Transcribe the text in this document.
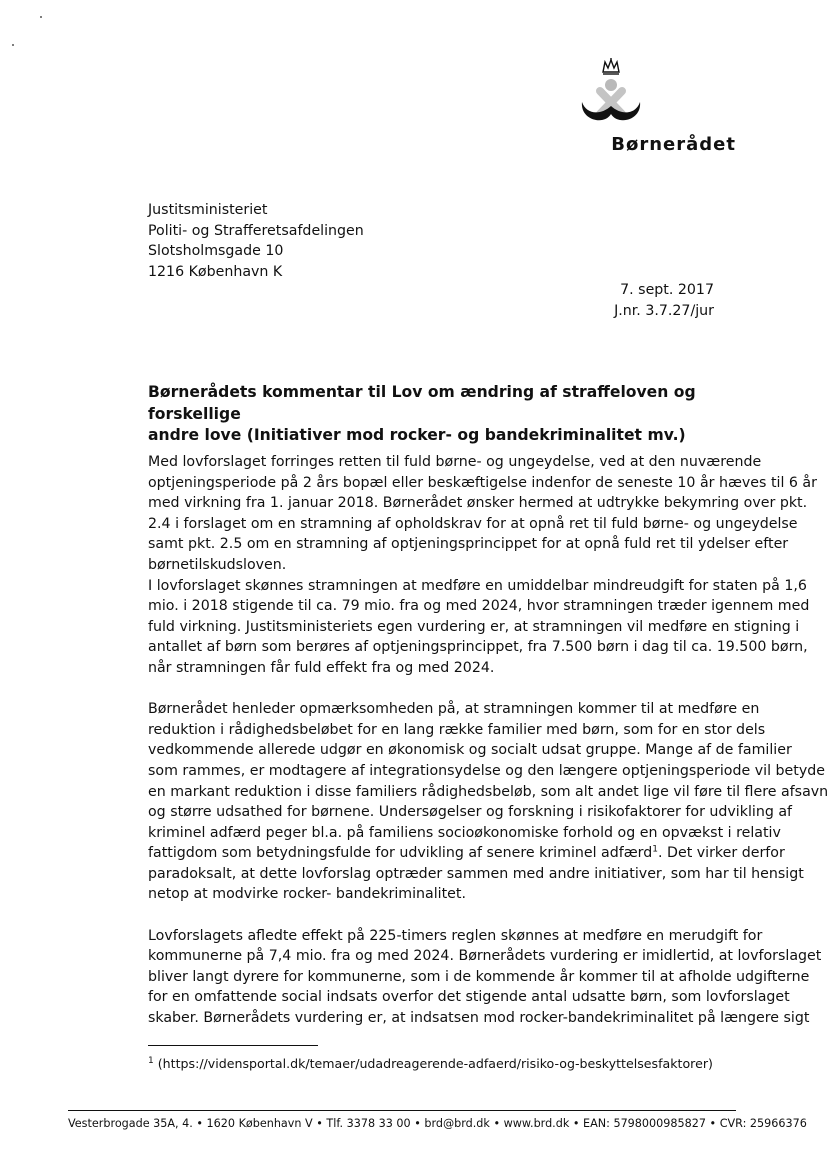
Børnerådet
Justitsministeriet
Politi- og Strafferetsafdelingen
Slotsholmsgade 10
1216 København K
7. sept. 2017
J.nr. 3.7.27/jur
Børnerådets kommentar til Lov om ændring af straffeloven og forskellige
andre love (Initiativer mod rocker- og bandekriminalitet mv.)
Med lovforslaget forringes retten til fuld børne- og ungeydelse, ved at den nuværende
optjeningsperiode på 2 års bopæl eller beskæftigelse indenfor de seneste 10 år hæves til 6 år
med virkning fra 1. januar 2018. Børnerådet ønsker hermed at udtrykke bekymring over pkt.
2.4 i forslaget om en stramning af opholdskrav for at opnå ret til fuld børne- og ungeydelse
samt pkt. 2.5 om en stramning af optjeningsprincippet for at opnå fuld ret til ydelser efter
børnetilskudsloven.
I lovforslaget skønnes stramningen at medføre en umiddelbar mindreudgift for staten på 1,6
mio. i 2018 stigende til ca. 79 mio. fra og med 2024, hvor stramningen træder igennem med
fuld virkning. Justitsministeriets egen vurdering er, at stramningen vil medføre en stigning i
antallet af børn som berøres af optjeningsprincippet, fra 7.500 børn i dag til ca. 19.500 børn,
når stramningen får fuld effekt fra og med 2024.
Børnerådet henleder opmærksomheden på, at stramningen kommer til at medføre en
reduktion i rådighedsbeløbet for en lang række familier med børn, som for en stor dels
vedkommende allerede udgør en økonomisk og socialt udsat gruppe. Mange af de familier
som rammes, er modtagere af integrationsydelse og den længere optjeningsperiode vil betyde
en markant reduktion i disse familiers rådighedsbeløb, som alt andet lige vil føre til flere afsavn
og større udsathed for børnene. Undersøgelser og forskning i risikofaktorer for udvikling af
kriminel adfærd peger bl.a. på familiens socioøkonomiske forhold og en opvækst i relativ
fattigdom som betydningsfulde for udvikling af senere kriminel adfærd$^1$. Det virker derfor
paradoksalt, at dette lovforslag optræder sammen med andre initiativer, som har til hensigt
netop at modvirke rocker- bandekriminalitet.
Lovforslagets afledte effekt på 225-timers reglen skønnes at medføre en merudgift for
kommunerne på 7,4 mio. fra og med 2024. Børnerådets vurdering er imidlertid, at lovforslaget
bliver langt dyrere for kommunerne, som i de kommende år kommer til at afholde udgifterne
for en omfattende social indsats overfor det stigende antal udsatte børn, som lovforslaget
skaber. Børnerådets vurdering er, at indsatsen mod rocker-bandekriminalitet på længere sigt
$^1$ (https://vidensportal.dk/temaer/udadreagerende-adfaerd/risiko-og-beskyttelsesfaktorer)
Vesterbrogade 35A, 4. • 1620 København V • Tlf. 3378 33 00 • brd@brd.dk • www.brd.dk • EAN: 5798000985827 • CVR: 25966376
